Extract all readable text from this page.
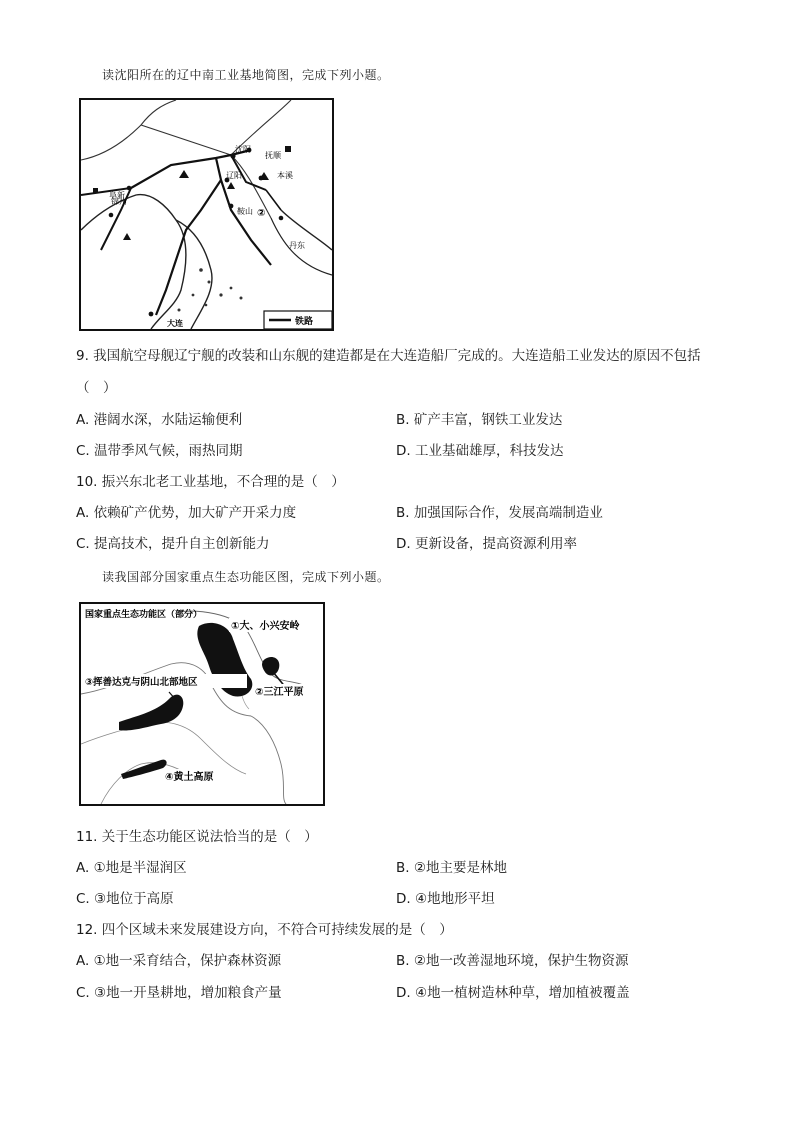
读沈阳所在的辽中南工业基地简图，完成下列小题。
沈阳
抚顺
本溪
辽阳
鞍山
阜新
锦州
丹东
大连
②
铁路
9. 我国航空母舰辽宁舰的改装和山东舰的建造都是在大连造船厂完成的。大连造船工业发达的原因不包括
（　）
A. 港阔水深，水陆运输便利	B. 矿产丰富，钢铁工业发达
C. 温带季风气候，雨热同期	D. 工业基础雄厚，科技发达
10. 振兴东北老工业基地，不合理的是（　）
A. 依赖矿产优势，加大矿产开采力度	B. 加强国际合作，发展高端制造业
C. 提高技术，提升自主创新能力	D. 更新设备，提高资源利用率
读我国部分国家重点生态功能区图，完成下列小题。
国家重点生态功能区（部分）
①大、小兴安岭
②三江平原
③挥善达克与阴山北部地区
④黄土高原
11. 关于生态功能区说法恰当的是（　）
A. ①地是半湿润区	B. ②地主要是林地
C. ③地位于高原	D. ④地地形平坦
12. 四个区域未来发展建设方向，不符合可持续发展的是（　）
A. ①地一采育结合，保护森林资源	B. ②地一改善湿地环境，保护生物资源
C. ③地一开垦耕地，增加粮食产量	D. ④地一植树造林种草，增加植被覆盖
